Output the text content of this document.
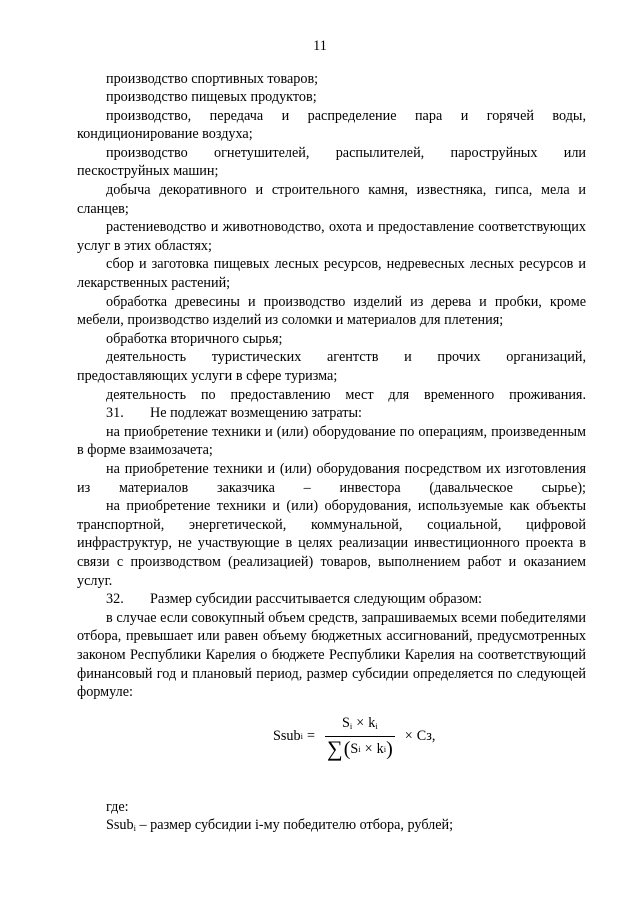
11

производство спортивных товаров;

производство пищевых продуктов;

производство, передача и распределение пара и горячей воды, кондиционирование воздуха;

производство огнетушителей, распылителей, пароструйных или пескоструйных машин;

добыча декоративного и строительного камня, известняка, гипса, мела и сланцев;

растениеводство и животноводство, охота и предоставление соответствующих услуг в этих областях;

сбор и заготовка пищевых лесных ресурсов, недревесных лесных ресурсов и лекарственных растений;

обработка древесины и производство изделий из дерева и пробки, кроме мебели, производство изделий из соломки и материалов для плетения;

обработка вторичного сырья;

деятельность туристических агентств и прочих организаций, предоставляющих услуги в сфере туризма;

деятельность по предоставлению мест для временного проживания.

31. Не подлежат возмещению затраты:

на приобретение техники и (или) оборудование по операциям, произведенным в форме взаимозачета;

на приобретение техники и (или) оборудования посредством их изготовления из материалов заказчика – инвестора (давальческое сырье);

на приобретение техники и (или) оборудования, используемые как объекты транспортной, энергетической, коммунальной, социальной, цифровой инфраструктур, не участвующие в целях реализации инвестиционного проекта в связи с производством (реализацией) товаров, выполнением работ и оказанием услуг.

32. Размер субсидии рассчитывается следующим образом:

в случае если совокупный объем средств, запрашиваемых всеми победителями отбора, превышает или равен объему бюджетных ассигнований, предусмотренных законом Республики Карелия о бюджете Республики Карелия на соответствующий финансовый год и плановый период, размер субсидии определяется по следующей формуле:

Ssub $i = \frac{S_i \times k_i}{\text{∑ ( S i × k i )}}$ × Сз,

где:

Ssub$_i$ – размер субсидии i-му победителю отбора, рублей;
